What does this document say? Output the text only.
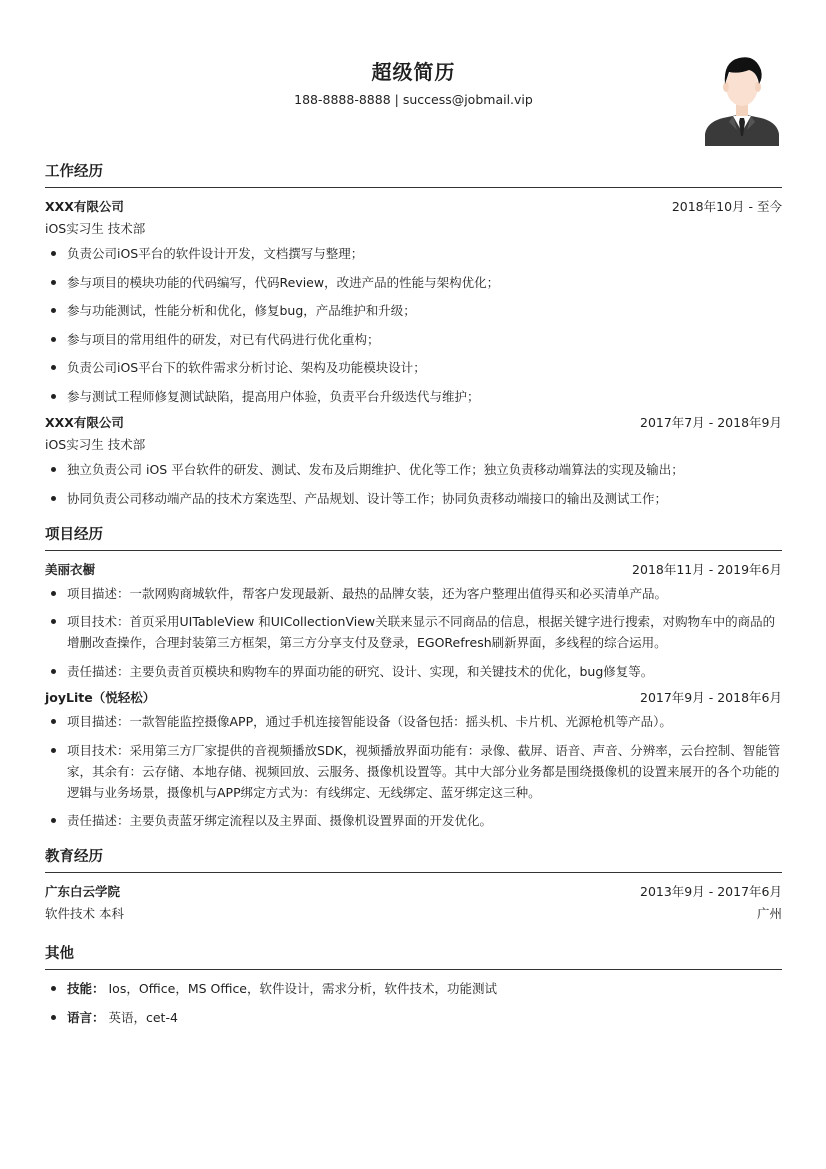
超级简历
188-8888-8888 | success@jobmail.vip
工作经历
XXX有限公司	2018年10月 - 至今
iOS实习生 技术部
负责公司iOS平台的软件设计开发，文档撰写与整理；
参与项目的模块功能的代码编写，代码Review，改进产品的性能与架构优化；
参与功能测试，性能分析和优化，修复bug，产品维护和升级；
参与项目的常用组件的研发，对已有代码进行优化重构；
负责公司iOS平台下的软件需求分析讨论、架构及功能模块设计；
参与测试工程师修复测试缺陷，提高用户体验，负责平台升级迭代与维护；
XXX有限公司	2017年7月 - 2018年9月
iOS实习生 技术部
独立负责公司 iOS 平台软件的研发、测试、发布及后期维护、优化等工作；独立负责移动端算法的实现及输出；
协同负责公司移动端产品的技术方案选型、产品规划、设计等工作；协同负责移动端接口的输出及测试工作；
项目经历
美丽衣橱	2018年11月 - 2019年6月
项目描述：一款网购商城软件，帮客户发现最新、最热的品牌女装，还为客户整理出值得买和必买清单产品。
项目技术：首页采用UITableView 和UICollectionView关联来显示不同商品的信息，根据关键字进行搜索，对购物车中的商品的增删改查操作，合理封装第三方框架，第三方分享支付及登录，EGORefresh刷新界面，多线程的综合运用。
责任描述：主要负责首页模块和购物车的界面功能的研究、设计、实现，和关键技术的优化，bug修复等。
joyLite（悦轻松）	2017年9月 - 2018年6月
项目描述：一款智能监控摄像APP，通过手机连接智能设备（设备包括：摇头机、卡片机、光源枪机等产品）。
项目技术：采用第三方厂家提供的音视频播放SDK，视频播放界面功能有：录像、截屏、语音、声音、分辨率，云台控制、智能管家，其余有：云存储、本地存储、视频回放、云服务、摄像机设置等。其中大部分业务都是围绕摄像机的设置来展开的各个功能的逻辑与业务场景，摄像机与APP绑定方式为：有线绑定、无线绑定、蓝牙绑定这三种。
责任描述：主要负责蓝牙绑定流程以及主界面、摄像机设置界面的开发优化。
教育经历
广东白云学院	2013年9月 - 2017年6月
软件技术 本科	广州
其他
技能： Ios，Office，MS Office，软件设计，需求分析，软件技术，功能测试
语言： 英语，cet-4
